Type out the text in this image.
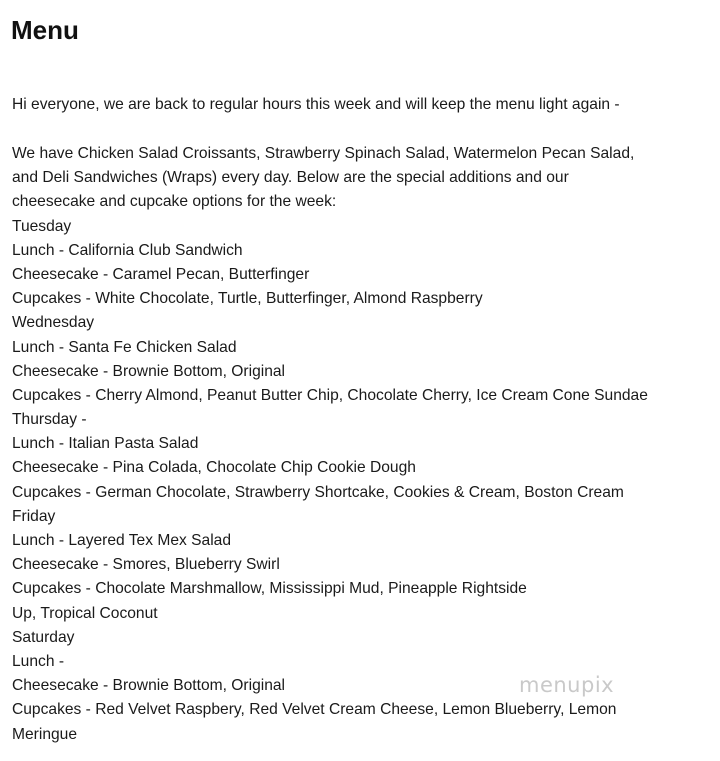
Menu

Hi everyone, we are back to regular hours this week and will keep the menu light again -

We have Chicken Salad Croissants, Strawberry Spinach Salad, Watermelon Pecan Salad,
and Deli Sandwiches (Wraps) every day. Below are the special additions and our
cheesecake and cupcake options for the week:
Tuesday
Lunch - California Club Sandwich
Cheesecake - Caramel Pecan, Butterfinger
Cupcakes - White Chocolate, Turtle, Butterfinger, Almond Raspberry
Wednesday
Lunch - Santa Fe Chicken Salad
Cheesecake - Brownie Bottom, Original
Cupcakes - Cherry Almond, Peanut Butter Chip, Chocolate Cherry, Ice Cream Cone Sundae
Thursday -
Lunch - Italian Pasta Salad
Cheesecake - Pina Colada, Chocolate Chip Cookie Dough
Cupcakes - German Chocolate, Strawberry Shortcake, Cookies & Cream, Boston Cream
Friday
Lunch - Layered Tex Mex Salad
Cheesecake - Smores, Blueberry Swirl
Cupcakes - Chocolate Marshmallow, Mississippi Mud, Pineapple Rightside
Up, Tropical Coconut
Saturday
Lunch -
Cheesecake - Brownie Bottom, Original
Cupcakes - Red Velvet Raspbery, Red Velvet Cream Cheese, Lemon Blueberry, Lemon
Meringue
menupix
